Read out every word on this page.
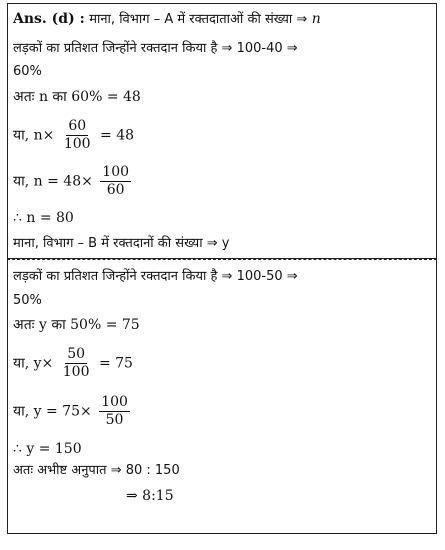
Ans. (d) : माना, विभाग – A में रक्तदाताओं की संख्या ⇒ n
लड़कों का प्रतिशत जिन्होंने रक्तदान किया है ⇒ 100-40 ⇒
60%
अतः n का 60% = 48
या, $n\times \frac{60}{100} = 48$
या, $n = 48\times \frac{100}{60}$
∴ n = 80
माना, विभाग – B में रक्तदानों की संख्या ⇒ y
लड़कों का प्रतिशत जिन्होंने रक्तदान किया है ⇒ 100-50 ⇒
50%
अतः y का 50% = 75
या, $y\times \frac{50}{100} = 75$
या, $y = 75\times \frac{100}{50}$
∴ y = 150
अतः अभीष्ट अनुपात ⇒ 80 : 150
⇒ 8:15
